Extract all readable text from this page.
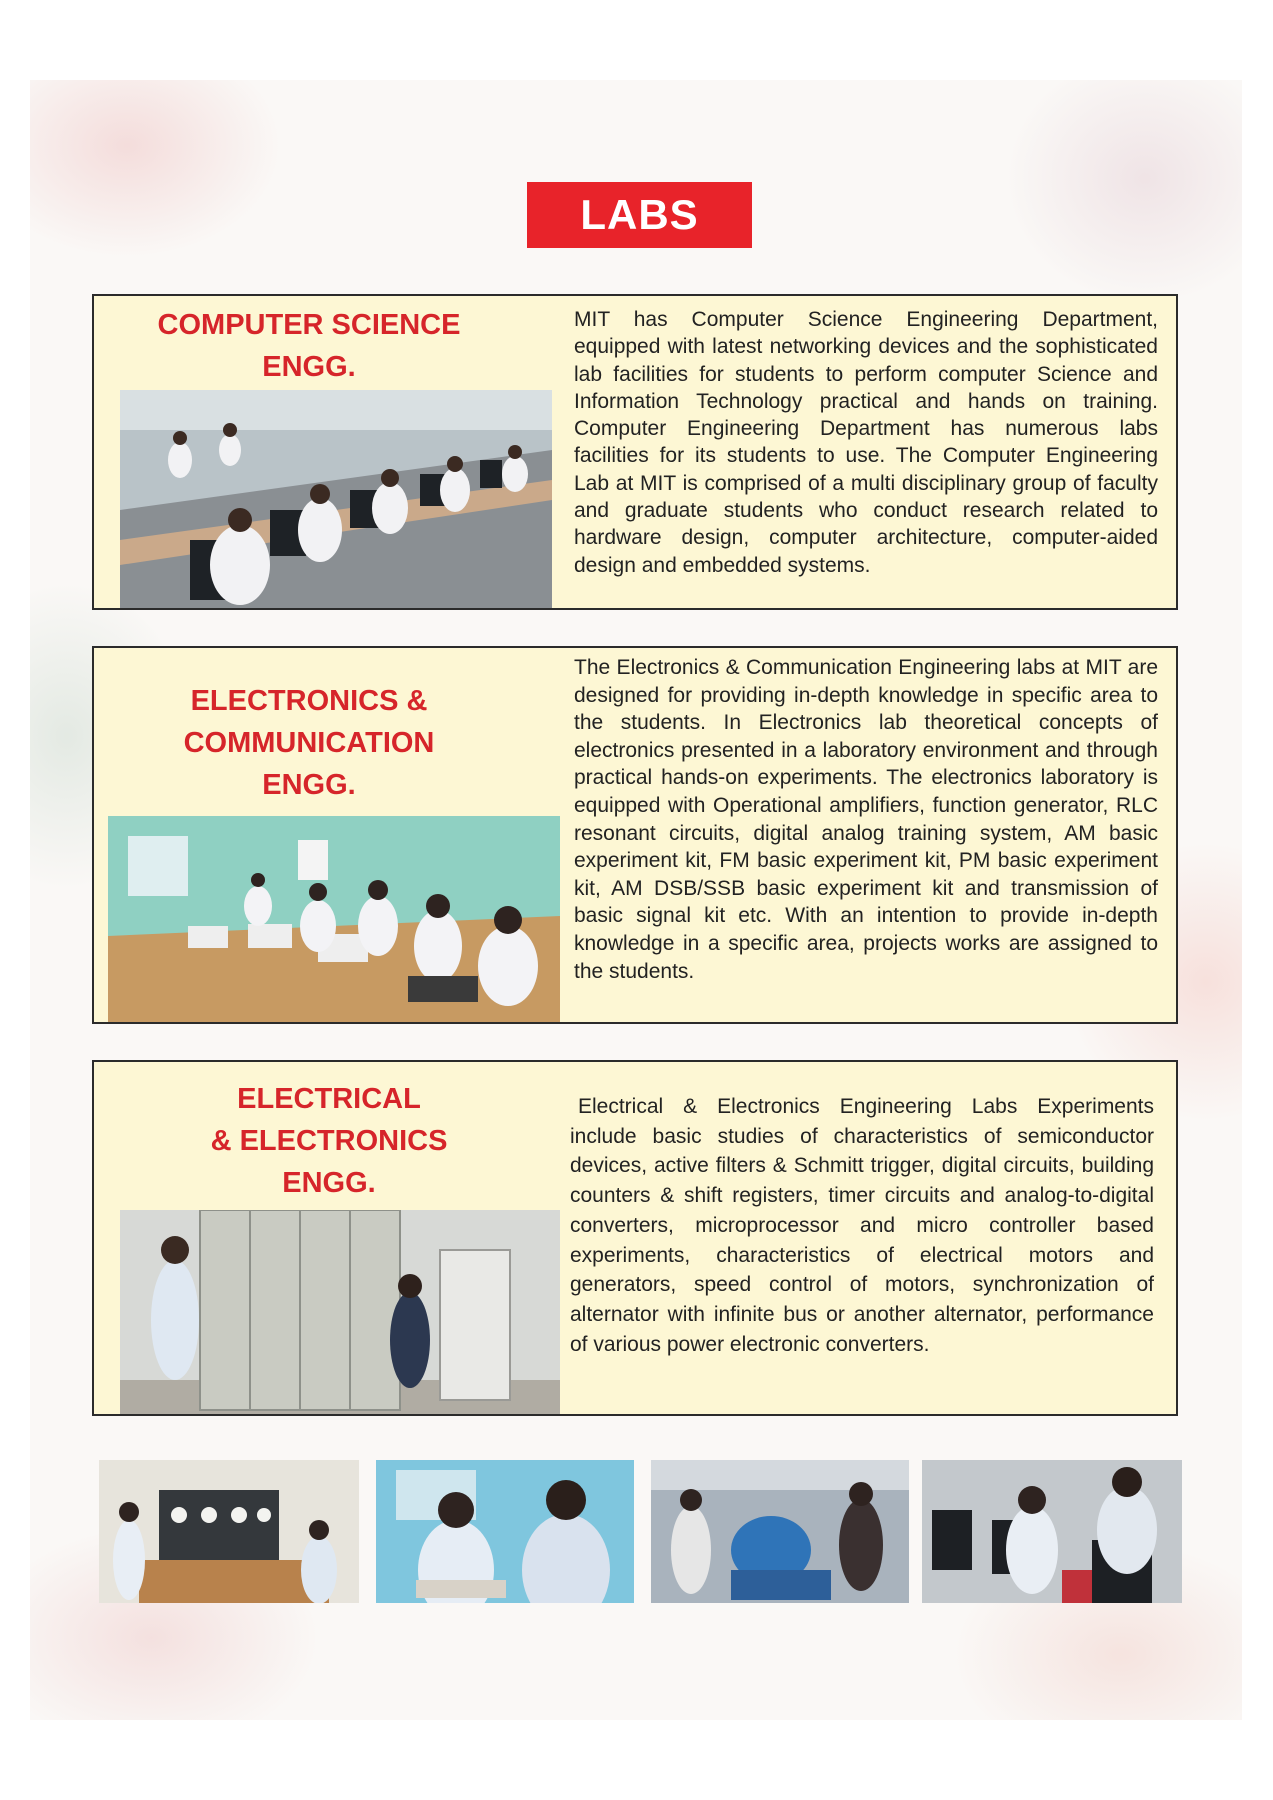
LABS
COMPUTER SCIENCE
ENGG.
MIT has Computer Science Engineering Department, equipped with latest networking devices and the sophisticated lab facilities for students to perform computer Science and Information Technology practical and hands on training. Computer Engineering Department has numerous labs facilities for its students to use. The Computer Engineering Lab at MIT is comprised of a multi disciplinary group of faculty and graduate students who conduct research related to hardware design, computer architecture, computer-aided design and embedded systems.
ELECTRONICS &
COMMUNICATION
ENGG.
The Electronics & Communication Engineering labs at MIT are designed for providing in-depth knowledge in specific area to the students. In Electronics lab theoretical concepts of electronics presented in a laboratory environment and through practical hands-on experiments. The electronics laboratory is equipped with Operational amplifiers, function generator, RLC resonant circuits, digital analog training system, AM basic experiment kit, FM basic experiment kit, PM basic experiment kit, AM DSB/SSB basic experiment kit and transmission of basic signal kit etc. With an intention to provide in-depth knowledge in a specific area, projects works are assigned to the students.
ELECTRICAL
& ELECTRONICS
ENGG.
Electrical & Electronics Engineering Labs Experiments include basic studies of characteristics of semiconductor devices, active filters & Schmitt trigger, digital circuits, building counters & shift registers, timer circuits and analog-to-digital converters, microprocessor and micro controller based experiments, characteristics of electrical motors and generators, speed control of motors, synchronization of alternator with infinite bus or another alternator, performance of various power electronic converters.
